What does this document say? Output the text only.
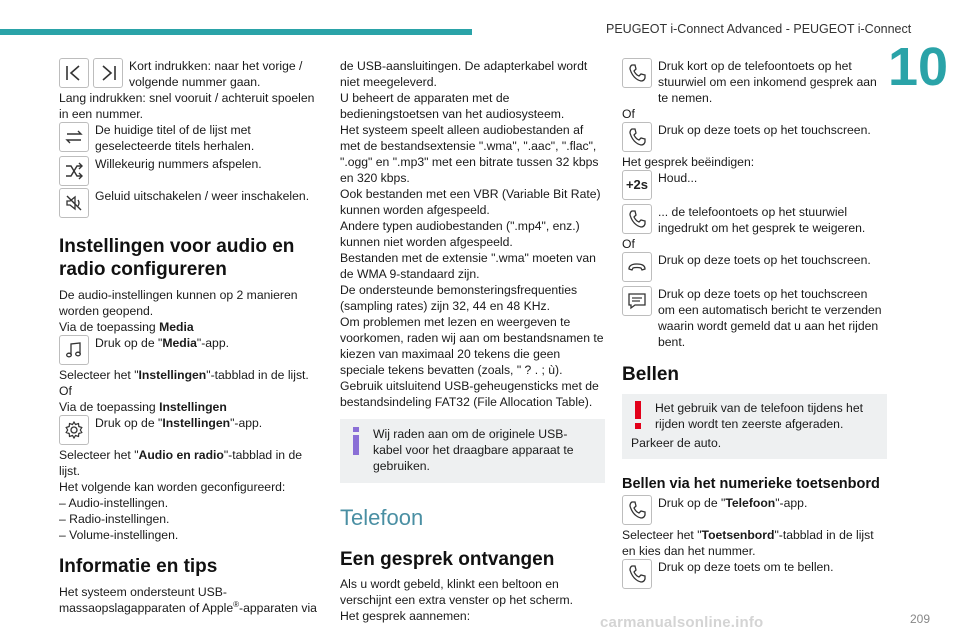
PEUGEOT i-Connect Advanced - PEUGEOT i-Connect
10
Kort indrukken: naar het vorige / volgende nummer gaan.
Lang indrukken: snel vooruit / achteruit spoelen in een nummer.
De huidige titel of de lijst met geselecteerde titels herhalen.
Willekeurig nummers afspelen.
Geluid uitschakelen / weer inschakelen.
Instellingen voor audio en radio configureren
De audio-instellingen kunnen op 2 manieren worden geopend.
Via de toepassing Media
Druk op de "Media"-app.
Selecteer het "Instellingen"-tabblad in de lijst.
Of
Via de toepassing Instellingen
Druk op de "Instellingen"-app.
Selecteer het "Audio en radio"-tabblad in de lijst.
Het volgende kan worden geconfigureerd:
– Audio-instellingen.
– Radio-instellingen.
– Volume-instellingen.
Informatie en tips
Het systeem ondersteunt USB-massaopslagapparaten of Apple®-apparaten via
de USB-aansluitingen. De adapterkabel wordt niet meegeleverd.
U beheert de apparaten met de bedieningstoetsen van het audiosysteem.
Het systeem speelt alleen audiobestanden af met de bestandsextensie ".wma", ".aac", ".flac", ".ogg" en ".mp3" met een bitrate tussen 32 kbps en 320 kbps.
Ook bestanden met een VBR (Variable Bit Rate) kunnen worden afgespeeld.
Andere typen audiobestanden (".mp4", enz.) kunnen niet worden afgespeeld.
Bestanden met de extensie ".wma" moeten van de WMA 9-standaard zijn.
De ondersteunde bemonsteringsfrequenties (sampling rates) zijn 32, 44 en 48 KHz.
Om problemen met lezen en weergeven te voorkomen, raden wij aan om bestandsnamen te kiezen van maximaal 20 tekens die geen speciale tekens bevatten (zoals, " ? . ; ù).
Gebruik uitsluitend USB-geheugensticks met de bestandsindeling FAT32 (File Allocation Table).
Wij raden aan om de originele USB-kabel voor het draagbare apparaat te gebruiken.
Telefoon
Een gesprek ontvangen
Als u wordt gebeld, klinkt een beltoon en verschijnt een extra venster op het scherm.
Het gesprek aannemen:
Druk kort op de telefoontoets op het stuurwiel om een inkomend gesprek aan te nemen.
Of
Druk op deze toets op het touchscreen.
Het gesprek beëindigen:
+2s Houd...
... de telefoontoets op het stuurwiel ingedrukt om het gesprek te weigeren.
Of
Druk op deze toets op het touchscreen.
Druk op deze toets op het touchscreen om een automatisch bericht te verzenden waarin wordt gemeld dat u aan het rijden bent.
Bellen
Het gebruik van de telefoon tijdens het rijden wordt ten zeerste afgeraden.
Parkeer de auto.
Bellen via het numerieke toetsenbord
Druk op de "Telefoon"-app.
Selecteer het "Toetsenbord"-tabblad in de lijst en kies dan het nummer.
Druk op deze toets om te bellen.
carmanualsonline.info	209
